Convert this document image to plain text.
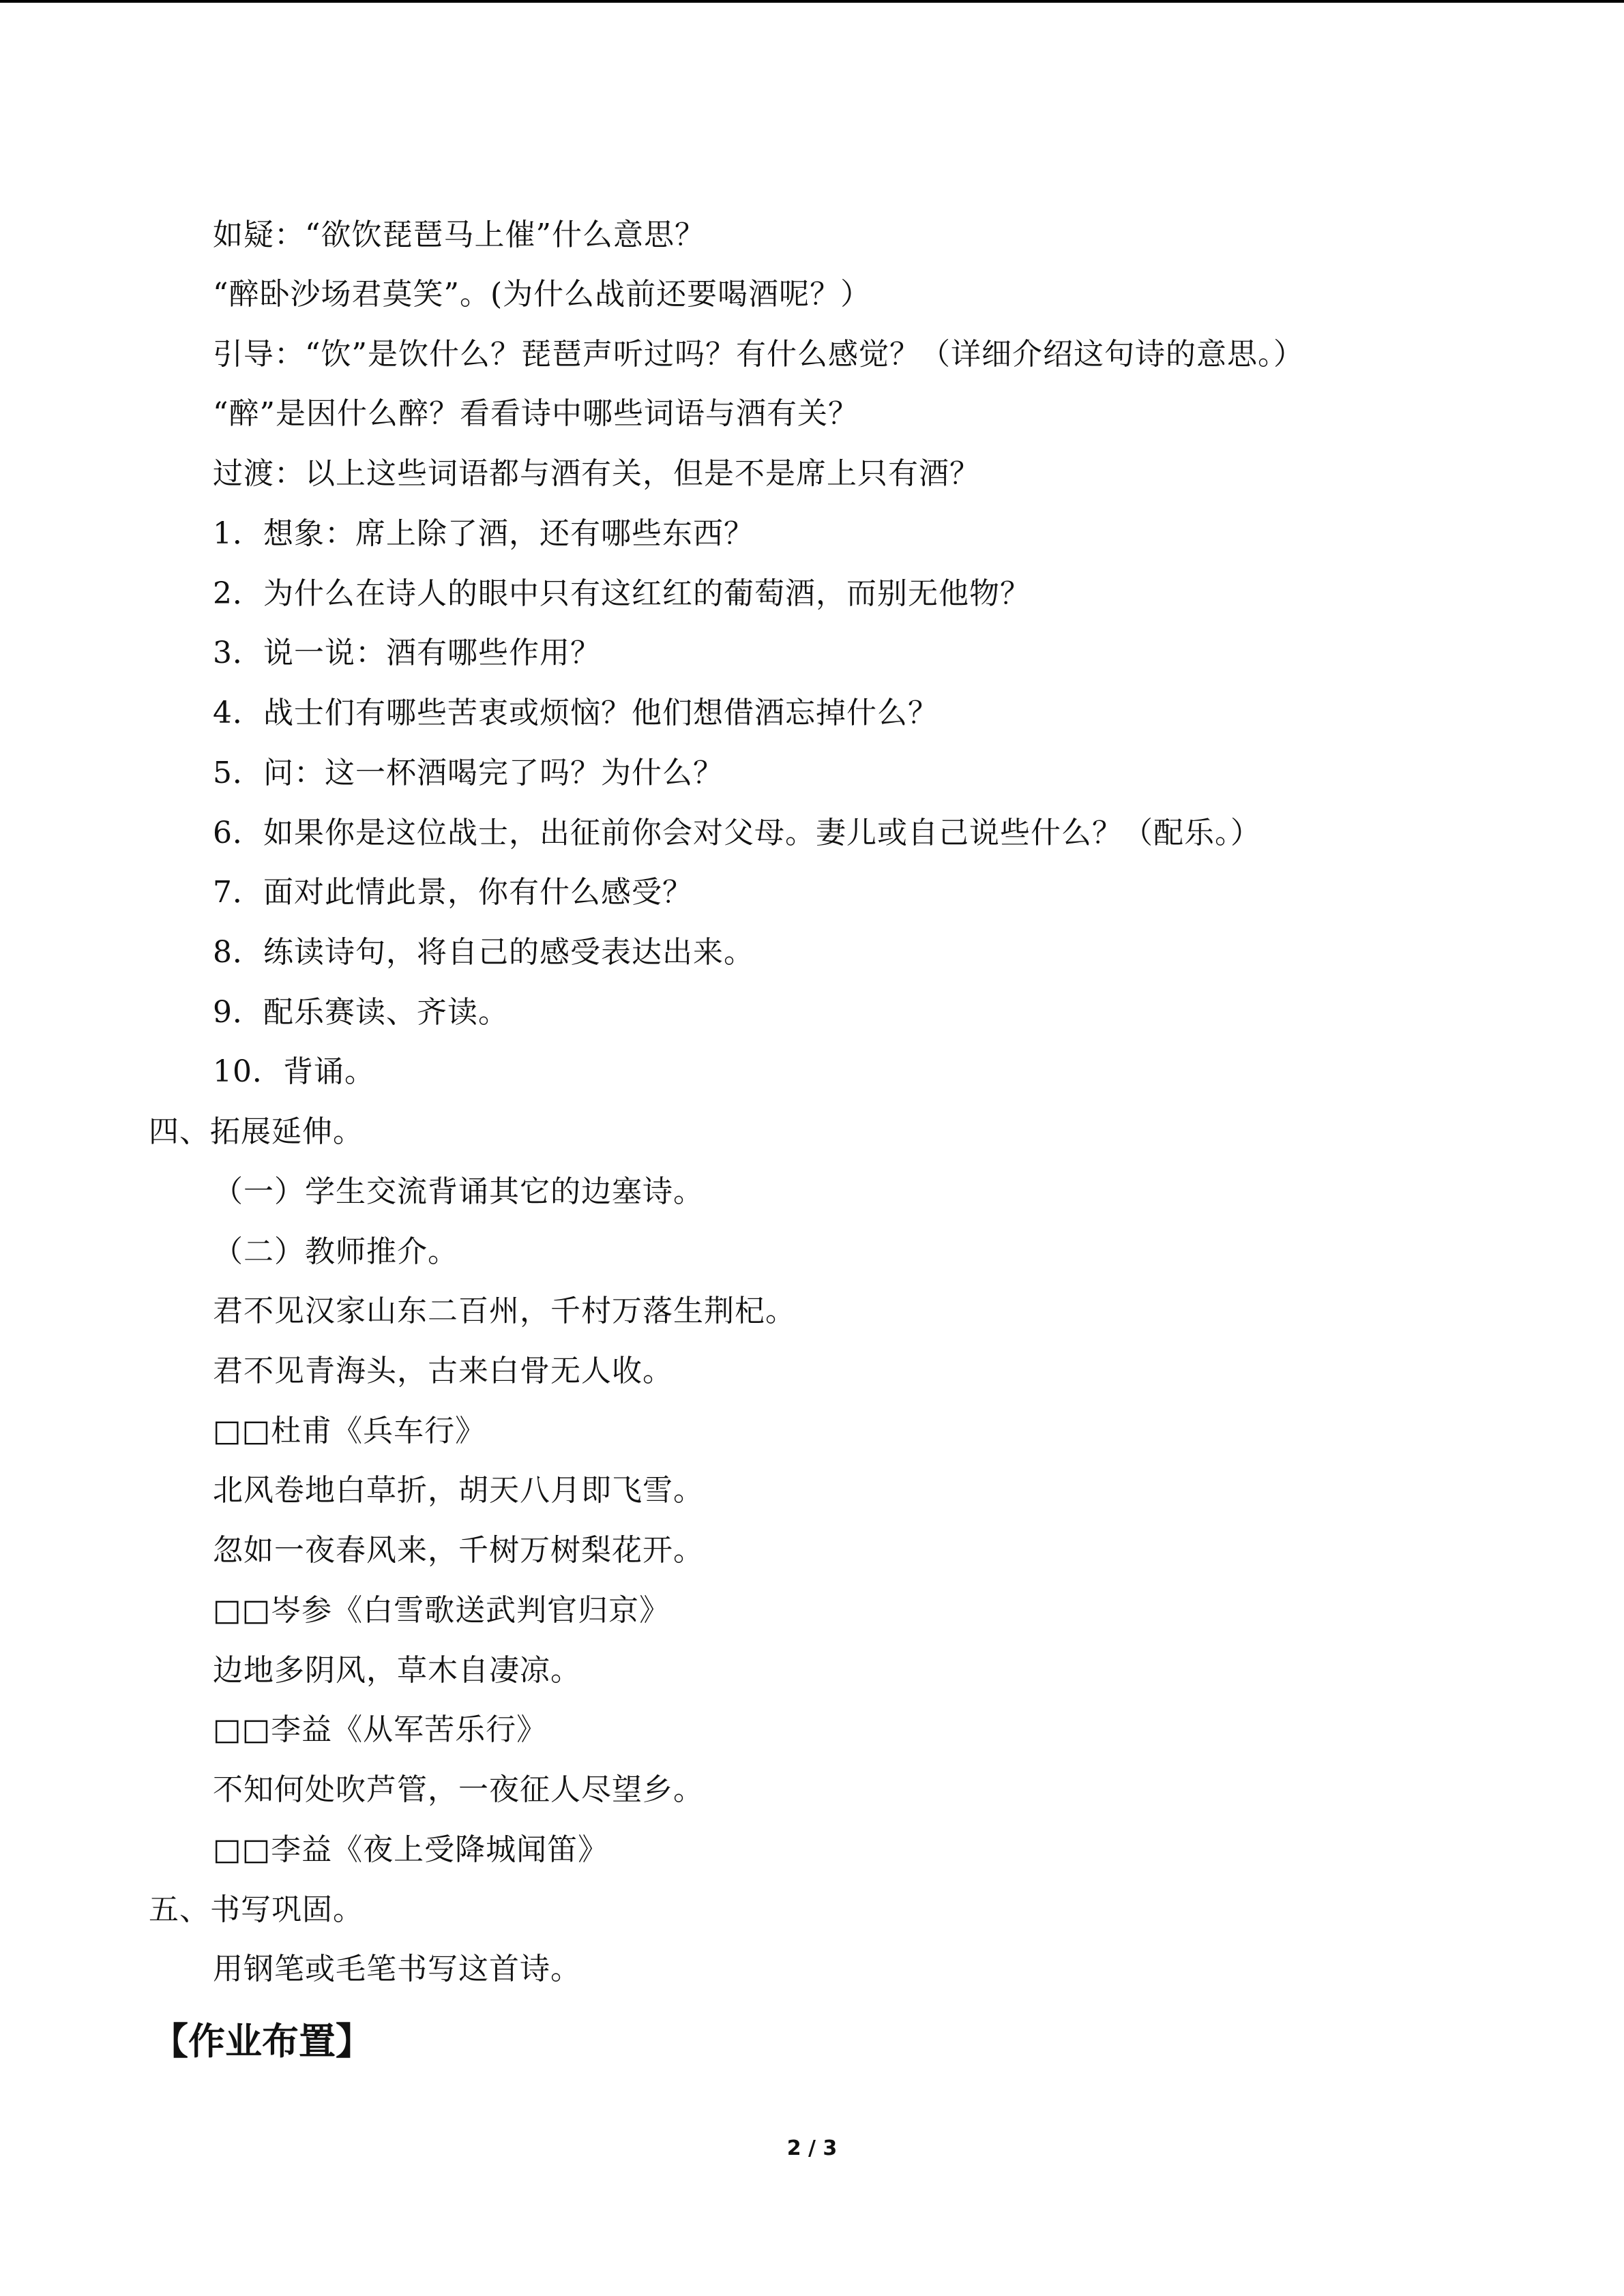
如疑：“欲饮琵琶马上催”什么意思？
“醉卧沙场君莫笑”。(为什么战前还要喝酒呢？）
引导：“饮”是饮什么？琵琶声听过吗？有什么感觉？（详细介绍这句诗的意思。）
“醉”是因什么醉？看看诗中哪些词语与酒有关？
过渡：以上这些词语都与酒有关，但是不是席上只有酒？
1．想象：席上除了酒，还有哪些东西？
2．为什么在诗人的眼中只有这红红的葡萄酒，而别无他物？
3．说一说：酒有哪些作用？
4．战士们有哪些苦衷或烦恼？他们想借酒忘掉什么？
5．问：这一杯酒喝完了吗？为什么？
6．如果你是这位战士，出征前你会对父母。妻儿或自己说些什么？（配乐。）
7．面对此情此景，你有什么感受？
8．练读诗句，将自己的感受表达出来。
9．配乐赛读、齐读。
10．背诵。
四、拓展延伸。
（一）学生交流背诵其它的边塞诗。
（二）教师推介。
君不见汉家山东二百州，千村万落生荆杞。
君不见青海头，古来白骨无人收。
□□杜甫《兵车行》
北风卷地白草折，胡天八月即飞雪。
忽如一夜春风来，千树万树梨花开。
□□岑参《白雪歌送武判官归京》
边地多阴风，草木自凄凉。
□□李益《从军苦乐行》
不知何处吹芦管，一夜征人尽望乡。
□□李益《夜上受降城闻笛》
五、书写巩固。
用钢笔或毛笔书写这首诗。
【作业布置】
2 / 3
